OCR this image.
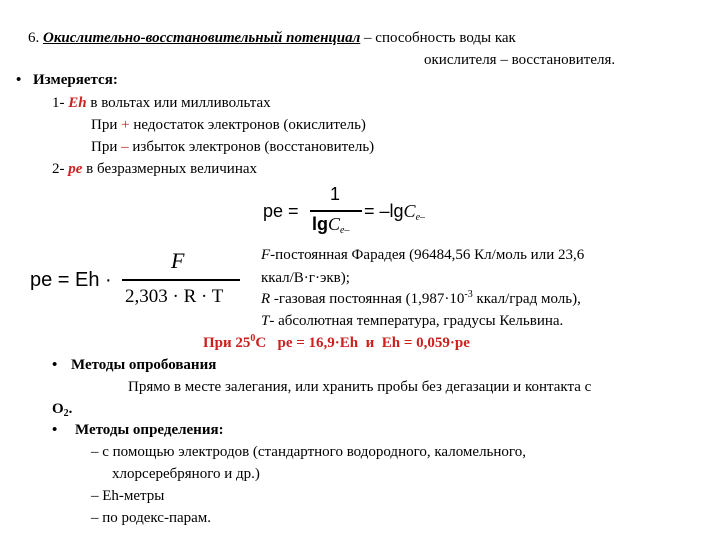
6. Окислительно-восстановительный потенциал – способность воды как
окислителя – восстановителя.
• Измеряется:
1- Eh в вольтах или милливольтах
При + недостаток электронов (окислитель)
При – избыток электронов (восстановитель)
2- pe в безразмерных величинах
pe =
1
lgC$_{e-}$
= –lgC$_{e-}$
pe = Eh ·
F
2,303 · R · T
F-постоянная Фарадея (96484,56 Кл/моль или 23,6
ккал/В·г·экв);
R -газовая постоянная ($1,987\cdot 10^{-3}$ ккал/град моль),
T- абсолютная температура, градусы Кельвина.
При $25^0С$   pe = 16,9·Eh  и  Eh = 0,059·pe
• Методы опробования
Прямо в месте залегания, или хранить пробы без дегазации и контакта с
$O_2$.
• Методы определения:
– с помощью электродов (стандартного водородного, каломельного,
хлорсеребряного и др.)
– Eh-метры
– по родекс-парам.
